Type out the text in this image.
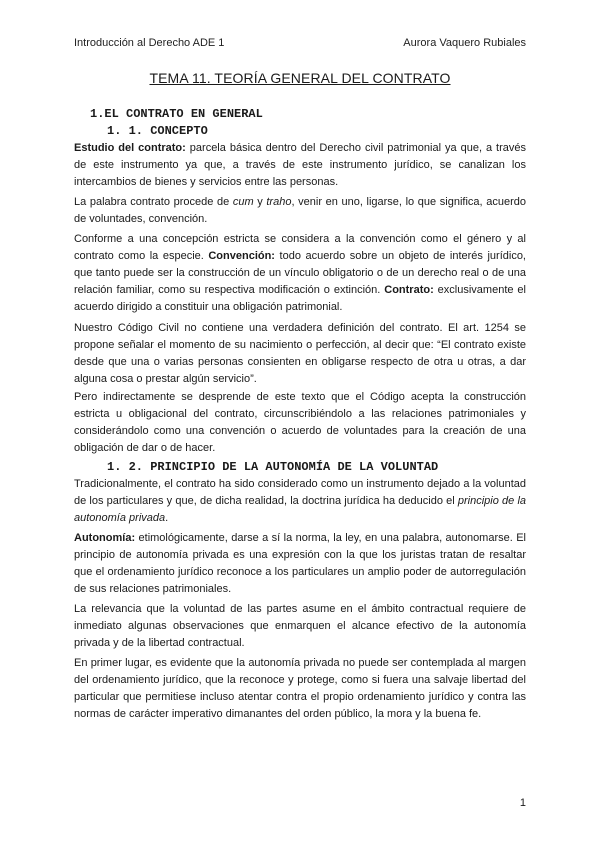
Introducción al Derecho ADE 1	Aurora Vaquero Rubiales
TEMA 11. TEORÍA GENERAL DEL CONTRATO
1.EL CONTRATO EN GENERAL
1. 1. CONCEPTO
Estudio del contrato: parcela básica dentro del Derecho civil patrimonial ya que, a través de este instrumento ya que, a través de este instrumento jurídico, se canalizan los intercambios de bienes y servicios entre las personas.
La palabra contrato procede de cum y traho, venir en uno, ligarse, lo que significa, acuerdo de voluntades, convención.
Conforme a una concepción estricta se considera a la convención como el género y al contrato como la especie. Convención: todo acuerdo sobre un objeto de interés jurídico, que tanto puede ser la construcción de un vínculo obligatorio o de un derecho real o de una relación familiar, como su respectiva modificación o extinción. Contrato: exclusivamente el acuerdo dirigido a constituir una obligación patrimonial.
Nuestro Código Civil no contiene una verdadera definición del contrato. El art. 1254 se propone señalar el momento de su nacimiento o perfección, al decir que: “El contrato existe desde que una o varias personas consienten en obligarse respecto de otra u otras, a dar alguna cosa o prestar algún servicio”.
Pero indirectamente se desprende de este texto que el Código acepta la construcción estricta u obligacional del contrato, circunscribiéndolo a las relaciones patrimoniales y considerándolo como una convención o acuerdo de voluntades para la creación de una obligación de dar o de hacer.
1. 2. PRINCIPIO DE LA AUTONOMÍA DE LA VOLUNTAD
Tradicionalmente, el contrato ha sido considerado como un instrumento dejado a la voluntad de los particulares y que, de dicha realidad, la doctrina jurídica ha deducido el principio de la autonomía privada.
Autonomía: etimológicamente, darse a sí la norma, la ley, en una palabra, autonomarse. El principio de autonomía privada es una expresión con la que los juristas tratan de resaltar que el ordenamiento jurídico reconoce a los particulares un amplio poder de autorregulación de sus relaciones patrimoniales.
La relevancia que la voluntad de las partes asume en el ámbito contractual requiere de inmediato algunas observaciones que enmarquen el alcance efectivo de la autonomía privada y de la libertad contractual.
En primer lugar, es evidente que la autonomía privada no puede ser contemplada al margen del ordenamiento jurídico, que la reconoce y protege, como si fuera una salvaje libertad del particular que permitiese incluso atentar contra el propio ordenamiento jurídico y contra las normas de carácter imperativo dimanantes del orden público, la mora y la buena fe.
1
